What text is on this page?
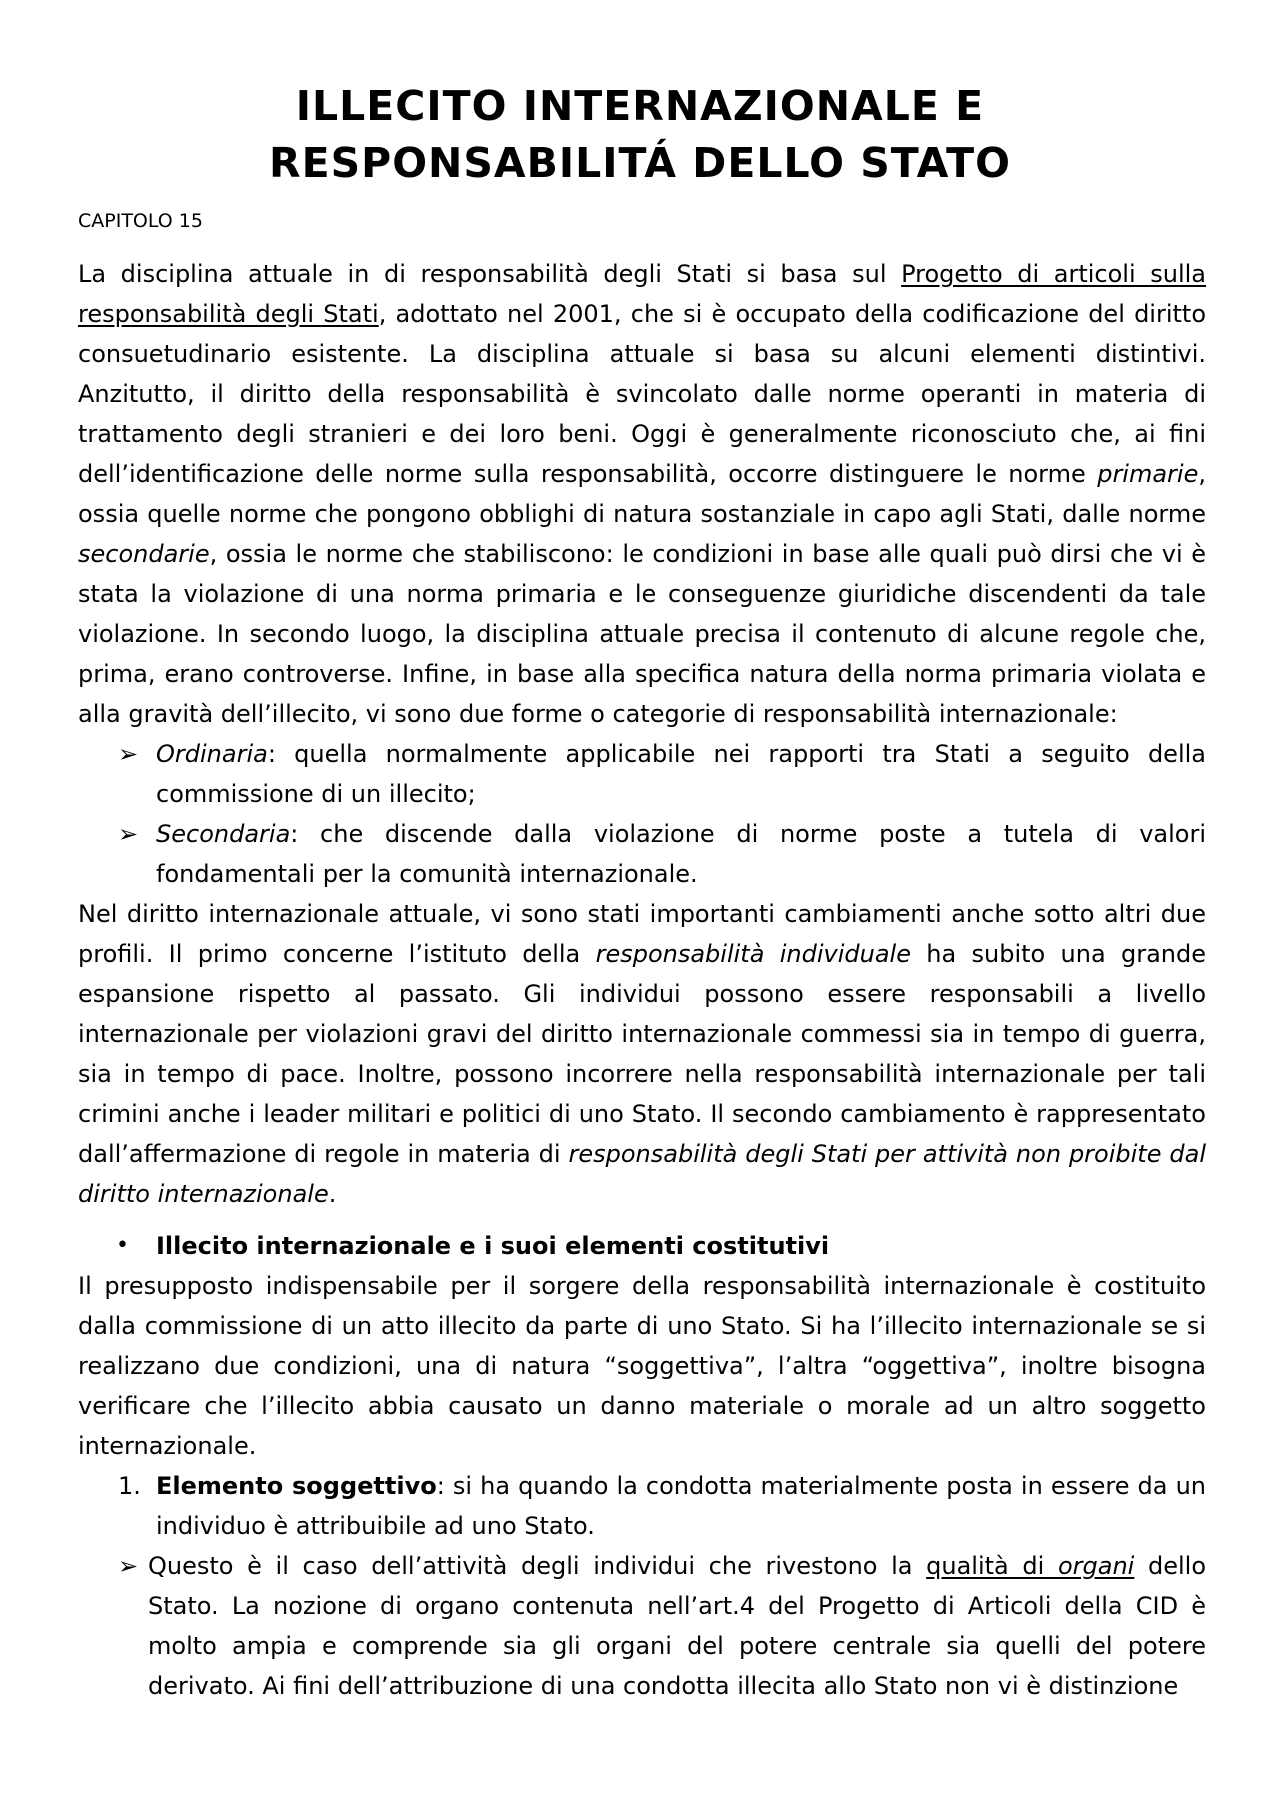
ILLECITO INTERNAZIONALE E
RESPONSABILITÁ DELLO STATO
CAPITOLO 15

La disciplina attuale in di responsabilità degli Stati si basa sul Progetto di articoli sulla responsabilità degli Stati, adottato nel 2001, che si è occupato della codificazione del diritto consuetudinario esistente. La disciplina attuale si basa su alcuni elementi distintivi. Anzitutto, il diritto della responsabilità è svincolato dalle norme operanti in materia di trattamento degli stranieri e dei loro beni. Oggi è generalmente riconosciuto che, ai fini dell’identificazione delle norme sulla responsabilità, occorre distinguere le norme primarie, ossia quelle norme che pongono obblighi di natura sostanziale in capo agli Stati, dalle norme secondarie, ossia le norme che stabiliscono: le condizioni in base alle quali può dirsi che vi è stata la violazione di una norma primaria e le conseguenze giuridiche discendenti da tale violazione. In secondo luogo, la disciplina attuale precisa il contenuto di alcune regole che, prima, erano controverse. Infine, in base alla specifica natura della norma primaria violata e alla gravità dell’illecito, vi sono due forme o categorie di responsabilità internazionale:

➢ Ordinaria: quella normalmente applicabile nei rapporti tra Stati a seguito della commissione di un illecito;
➢ Secondaria: che discende dalla violazione di norme poste a tutela di valori fondamentali per la comunità internazionale.

Nel diritto internazionale attuale, vi sono stati importanti cambiamenti anche sotto altri due profili. Il primo concerne l’istituto della responsabilità individuale ha subito una grande espansione rispetto al passato. Gli individui possono essere responsabili a livello internazionale per violazioni gravi del diritto internazionale commessi sia in tempo di guerra, sia in tempo di pace. Inoltre, possono incorrere nella responsabilità internazionale per tali crimini anche i leader militari e politici di uno Stato. Il secondo cambiamento è rappresentato dall’affermazione di regole in materia di responsabilità degli Stati per attività non proibite dal diritto internazionale.

•	Illecito internazionale e i suoi elementi costitutivi

Il presupposto indispensabile per il sorgere della responsabilità internazionale è costituito dalla commissione di un atto illecito da parte di uno Stato. Si ha l’illecito internazionale se si realizzano due condizioni, una di natura “soggettiva”, l’altra “oggettiva”, inoltre bisogna verificare che l’illecito abbia causato un danno materiale o morale ad un altro soggetto internazionale.

1. Elemento soggettivo: si ha quando la condotta materialmente posta in essere da un individuo è attribuibile ad uno Stato.
➢ Questo è il caso dell’attività degli individui che rivestono la qualità di organi dello Stato. La nozione di organo contenuta nell’art.4 del Progetto di Articoli della CID è molto ampia e comprende sia gli organi del potere centrale sia quelli del potere derivato. Ai fini dell’attribuzione di una condotta illecita allo Stato non vi è distinzione
